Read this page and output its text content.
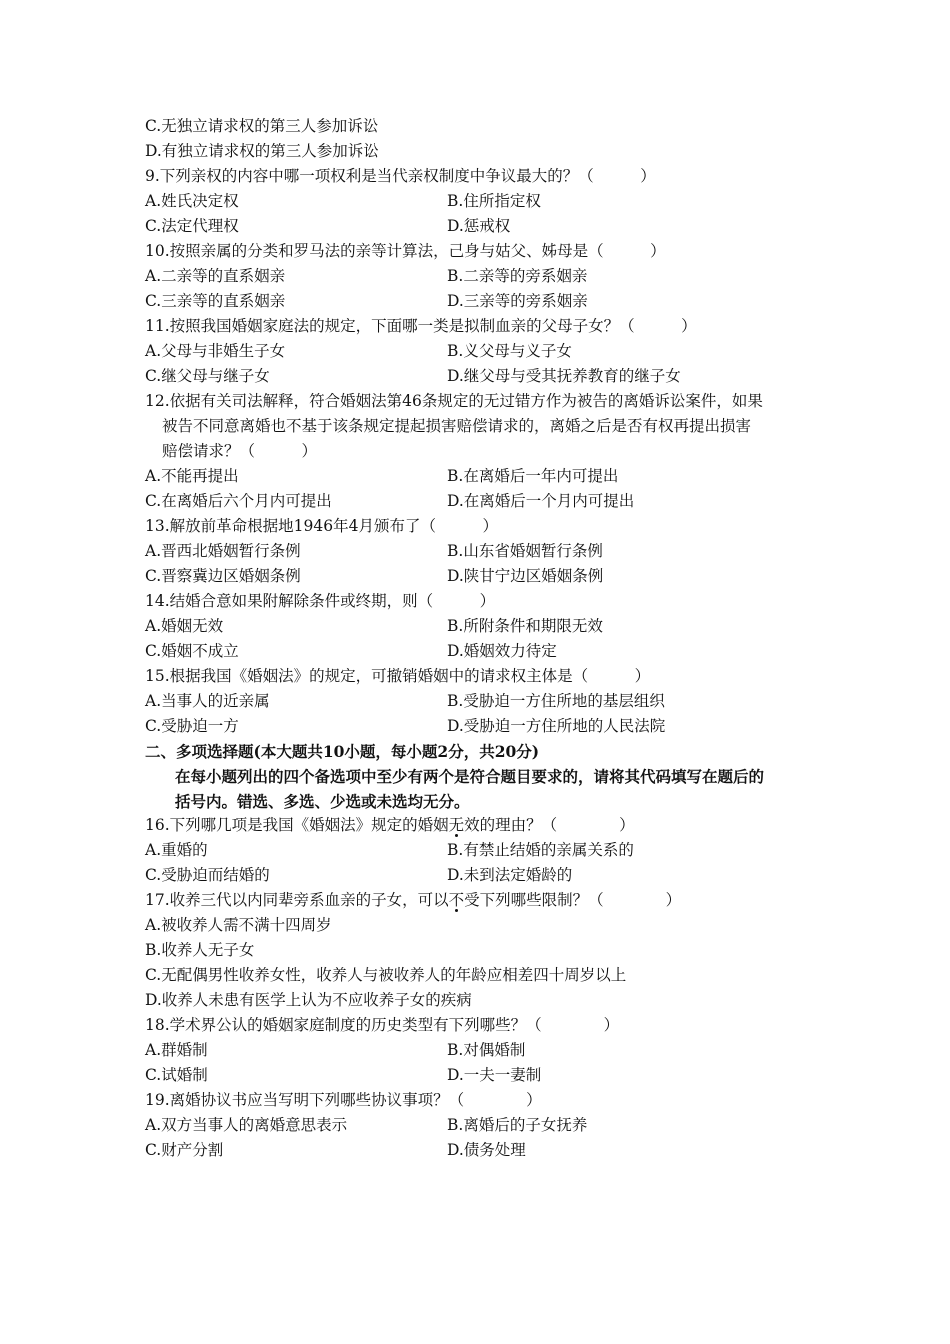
C.无独立请求权的第三人参加诉讼
D.有独立请求权的第三人参加诉讼
9.下列亲权的内容中哪一项权利是当代亲权制度中争议最大的？（　　　）
A.姓氏决定权	B.住所指定权
C.法定代理权	D.惩戒权
10.按照亲属的分类和罗马法的亲等计算法，己身与姑父、姊母是（　　　）
A.二亲等的直系姻亲	B.二亲等的旁系姻亲
C.三亲等的直系姻亲	D.三亲等的旁系姻亲
11.按照我国婚姻家庭法的规定，下面哪一类是拟制血亲的父母子女？（　　　）
A.父母与非婚生子女	B.义父母与义子女
C.继父母与继子女	D.继父母与受其抚养教育的继子女
12.依据有关司法解释，符合婚姻法第46条规定的无过错方作为被告的离婚诉讼案件，如果
被告不同意离婚也不基于该条规定提起损害赔偿请求的，离婚之后是否有权再提出损害
赔偿请求？（　　　）
A.不能再提出	B.在离婚后一年内可提出
C.在离婚后六个月内可提出	D.在离婚后一个月内可提出
13.解放前革命根据地1946年4月颁布了（　　　）
A.晋西北婚姻暂行条例	B.山东省婚姻暂行条例
C.晋察冀边区婚姻条例	D.陕甘宁边区婚姻条例
14.结婚合意如果附解除条件或终期，则（　　　）
A.婚姻无效	B.所附条件和期限无效
C.婚姻不成立	D.婚姻效力待定
15.根据我国《婚姻法》的规定，可撤销婚姻中的请求权主体是（　　　）
A.当事人的近亲属	B.受胁迫一方住所地的基层组织
C.受胁迫一方	D.受胁迫一方住所地的人民法院
二、多项选择题(本大题共10小题，每小题2分，共20分)
在每小题列出的四个备选项中至少有两个是符合题目要求的，请将其代码填写在题后的
括号内。错选、多选、少选或未选均无分。
16.下列哪几项是我国《婚姻法》规定的婚姻无效的理由？（　　　　）
A.重婚的	B.有禁止结婚的亲属关系的
C.受胁迫而结婚的	D.未到法定婚龄的
17.收养三代以内同辈旁系血亲的子女，可以不受下列哪些限制？（　　　　）
A.被收养人需不满十四周岁
B.收养人无子女
C.无配偶男性收养女性，收养人与被收养人的年龄应相差四十周岁以上
D.收养人未患有医学上认为不应收养子女的疾病
18.学术界公认的婚姻家庭制度的历史类型有下列哪些？（　　　　）
A.群婚制	B.对偶婚制
C.试婚制	D.一夫一妻制
19.离婚协议书应当写明下列哪些协议事项？（　　　　）
A.双方当事人的离婚意思表示	B.离婚后的子女抚养
C.财产分割	D.债务处理
